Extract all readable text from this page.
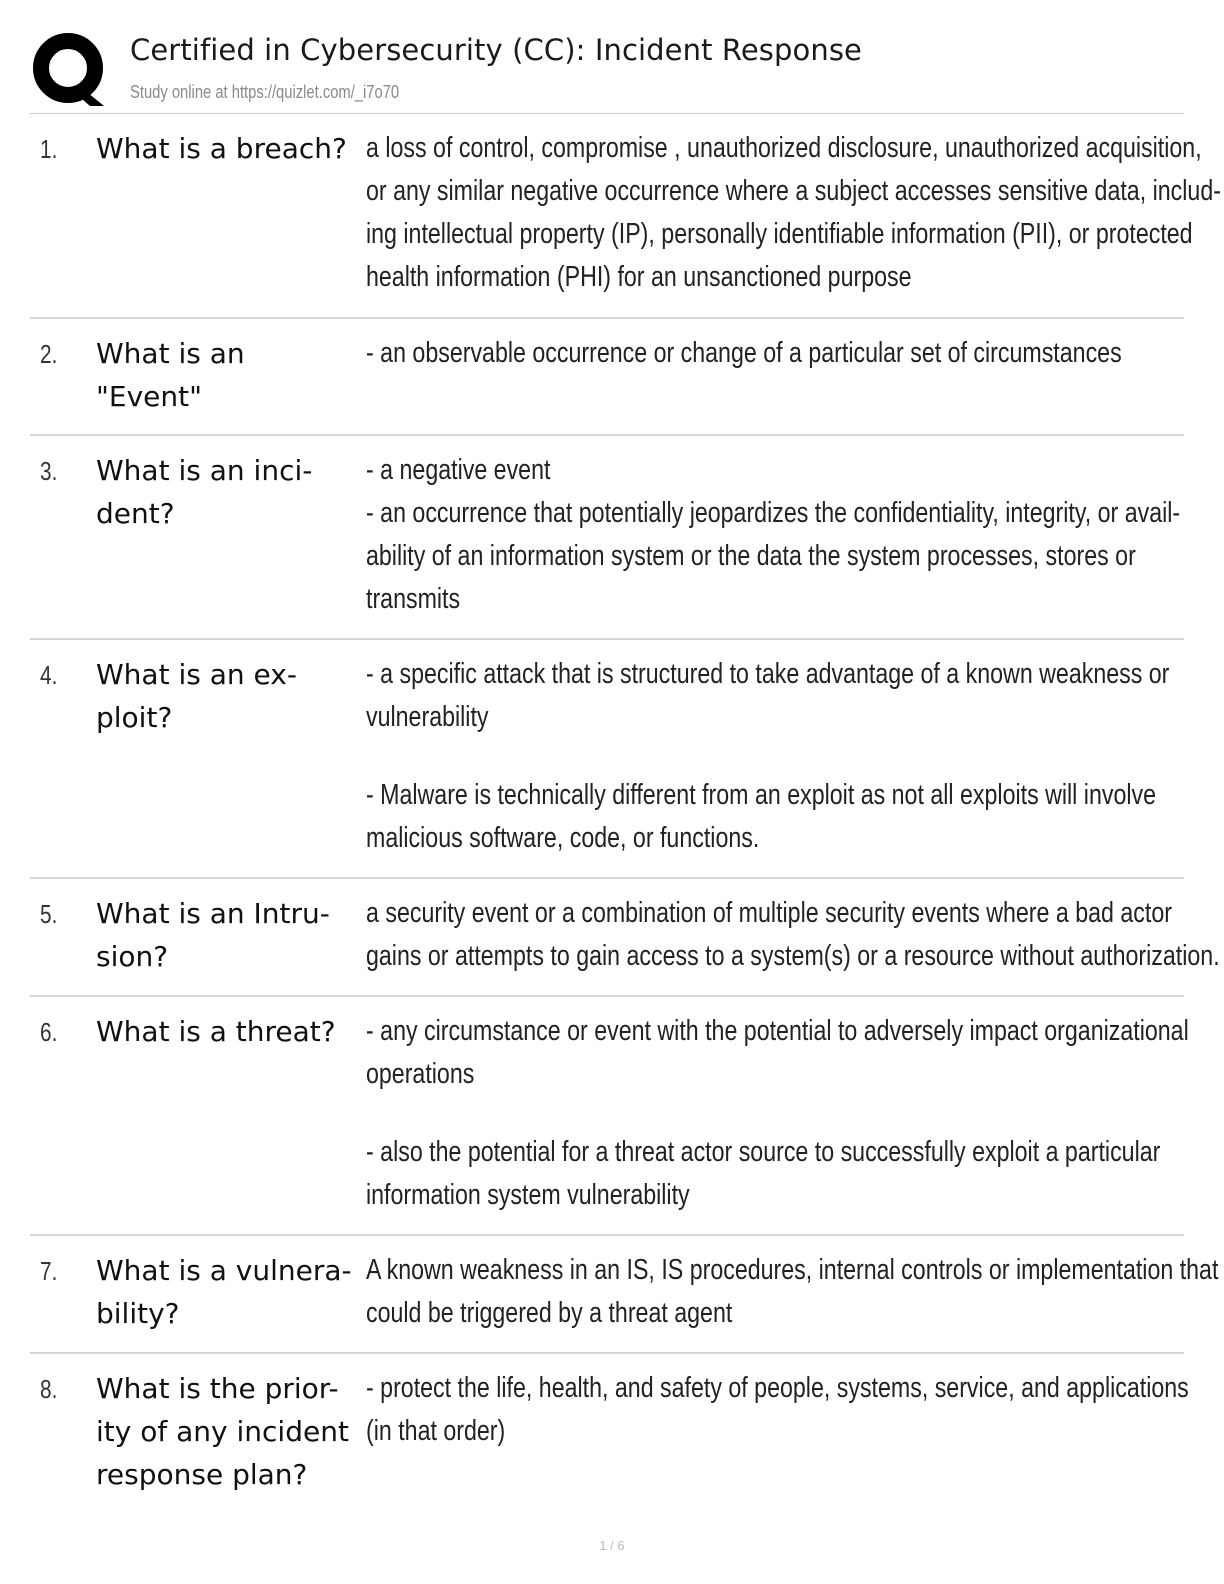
Certified in Cybersecurity (CC): Incident Response
Study online at https://quizlet.com/_i7o70
1. What is a breach? a loss of control, compromise , unauthorized disclosure, unauthorized acquisition,

or any similar negative occurrence where a subject accesses sensitive data, includ-

ing intellectual property (IP), personally identifiable information (PII), or protected

health information (PHI) for an unsanctioned purpose

2. What is an
"Event"

- an observable occurrence or change of a particular set of circumstances

3. What is an inci-
dent?

- a negative event

- an occurrence that potentially jeopardizes the confidentiality, integrity, or avail-

ability of an information system or the data the system processes, stores or

transmits

4. What is an ex-
ploit?

- a specific attack that is structured to take advantage of a known weakness or

vulnerability

- Malware is technically different from an exploit as not all exploits will involve

malicious software, code, or functions.

5. What is an Intru-
sion?

a security event or a combination of multiple security events where a bad actor

gains or attempts to gain access to a system(s) or a resource without authorization.

6. What is a threat?	- any circumstance or event with the potential to adversely impact organizational

operations

- also the potential for a threat actor source to successfully exploit a particular

information system vulnerability

7. What is a vulnera-
bility?

A known weakness in an IS, IS procedures, internal controls or implementation that

could be triggered by a threat agent

8. What is the prior-
ity of any incident
response plan?

- protect the life, health, and safety of people, systems, service, and applications

(in that order)

1 / 6
